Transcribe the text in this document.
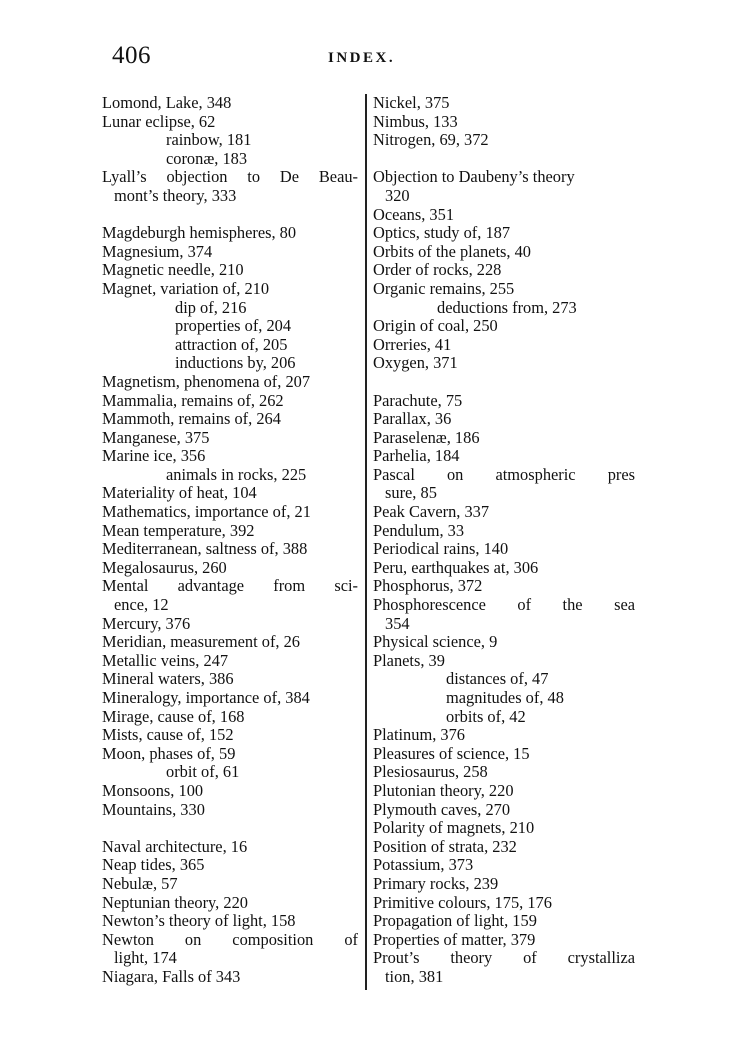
406	INDEX.
Lomond, Lake, 348
Lunar eclipse, 62
rainbow, 181
coronæ, 183
Lyall’s objection to De Beau-
mont’s theory, 333
Magdeburgh hemispheres, 80
Magnesium, 374
Magnetic needle, 210
Magnet, variation of, 210
dip of, 216
properties of, 204
attraction of, 205
inductions by, 206
Magnetism, phenomena of, 207
Mammalia, remains of, 262
Mammoth, remains of, 264
Manganese, 375
Marine ice, 356
animals in rocks, 225
Materiality of heat, 104
Mathematics, importance of, 21
Mean temperature, 392
Mediterranean, saltness of, 388
Megalosaurus, 260
Mental advantage from sci-
ence, 12
Mercury, 376
Meridian, measurement of, 26
Metallic veins, 247
Mineral waters, 386
Mineralogy, importance of, 384
Mirage, cause of, 168
Mists, cause of, 152
Moon, phases of, 59
orbit of, 61
Monsoons, 100
Mountains, 330
Naval architecture, 16
Neap tides, 365
Nebulæ, 57
Neptunian theory, 220
Newton’s theory of light, 158
Newton on composition of
light, 174
Niagara, Falls of 343
Nickel, 375
Nimbus, 133
Nitrogen, 69, 372
Objection to Daubeny’s theory
320
Oceans, 351
Optics, study of, 187
Orbits of the planets, 40
Order of rocks, 228
Organic remains, 255
deductions from, 273
Origin of coal, 250
Orreries, 41
Oxygen, 371
Parachute, 75
Parallax, 36
Paraselenæ, 186
Parhelia, 184
Pascal on atmospheric pres
sure, 85
Peak Cavern, 337
Pendulum, 33
Periodical rains, 140
Peru, earthquakes at, 306
Phosphorus, 372
Phosphorescence of the sea
354
Physical science, 9
Planets, 39
distances of, 47
magnitudes of, 48
orbits of, 42
Platinum, 376
Pleasures of science, 15
Plesiosaurus, 258
Plutonian theory, 220
Plymouth caves, 270
Polarity of magnets, 210
Position of strata, 232
Potassium, 373
Primary rocks, 239
Primitive colours, 175, 176
Propagation of light, 159
Properties of matter, 379
Prout’s theory of crystalliza
tion, 381
